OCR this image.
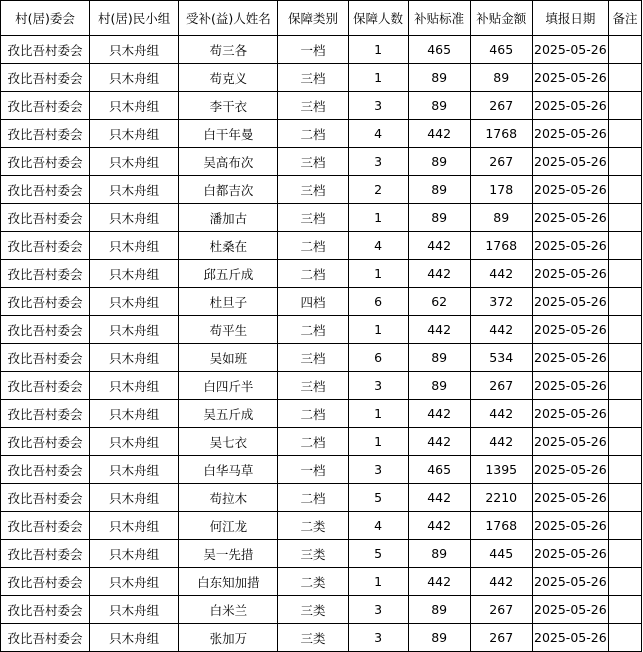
村(居)委会	村(居)民小组	受补(益)人姓名	保障类别	保障人数	补贴标准	补贴金额	填报日期	备注
孜比吾村委会	只木舟组	苟三各	一档	1	465	465	2025-05-26	
孜比吾村委会	只木舟组	苟克义	三档	1	89	89	2025-05-26	
孜比吾村委会	只木舟组	李干衣	三档	3	89	267	2025-05-26	
孜比吾村委会	只木舟组	白干年曼	二档	4	442	1768	2025-05-26	
孜比吾村委会	只木舟组	吴高布次	三档	3	89	267	2025-05-26	
孜比吾村委会	只木舟组	白都吉次	三档	2	89	178	2025-05-26	
孜比吾村委会	只木舟组	潘加古	三档	1	89	89	2025-05-26	
孜比吾村委会	只木舟组	杜桑在	二档	4	442	1768	2025-05-26	
孜比吾村委会	只木舟组	邱五斤成	二档	1	442	442	2025-05-26	
孜比吾村委会	只木舟组	杜旦子	四档	6	62	372	2025-05-26	
孜比吾村委会	只木舟组	苟平生	二档	1	442	442	2025-05-26	
孜比吾村委会	只木舟组	吴如班	三档	6	89	534	2025-05-26	
孜比吾村委会	只木舟组	白四斤半	三档	3	89	267	2025-05-26	
孜比吾村委会	只木舟组	吴五斤成	二档	1	442	442	2025-05-26	
孜比吾村委会	只木舟组	吴七衣	二档	1	442	442	2025-05-26	
孜比吾村委会	只木舟组	白华马草	一档	3	465	1395	2025-05-26	
孜比吾村委会	只木舟组	苟拉木	二档	5	442	2210	2025-05-26	
孜比吾村委会	只木舟组	何江龙	二类	4	442	1768	2025-05-26	
孜比吾村委会	只木舟组	吴一先措	三类	5	89	445	2025-05-26	
孜比吾村委会	只木舟组	白东知加措	二类	1	442	442	2025-05-26	
孜比吾村委会	只木舟组	白米兰	三类	3	89	267	2025-05-26	
孜比吾村委会	只木舟组	张加万	三类	3	89	267	2025-05-26	
